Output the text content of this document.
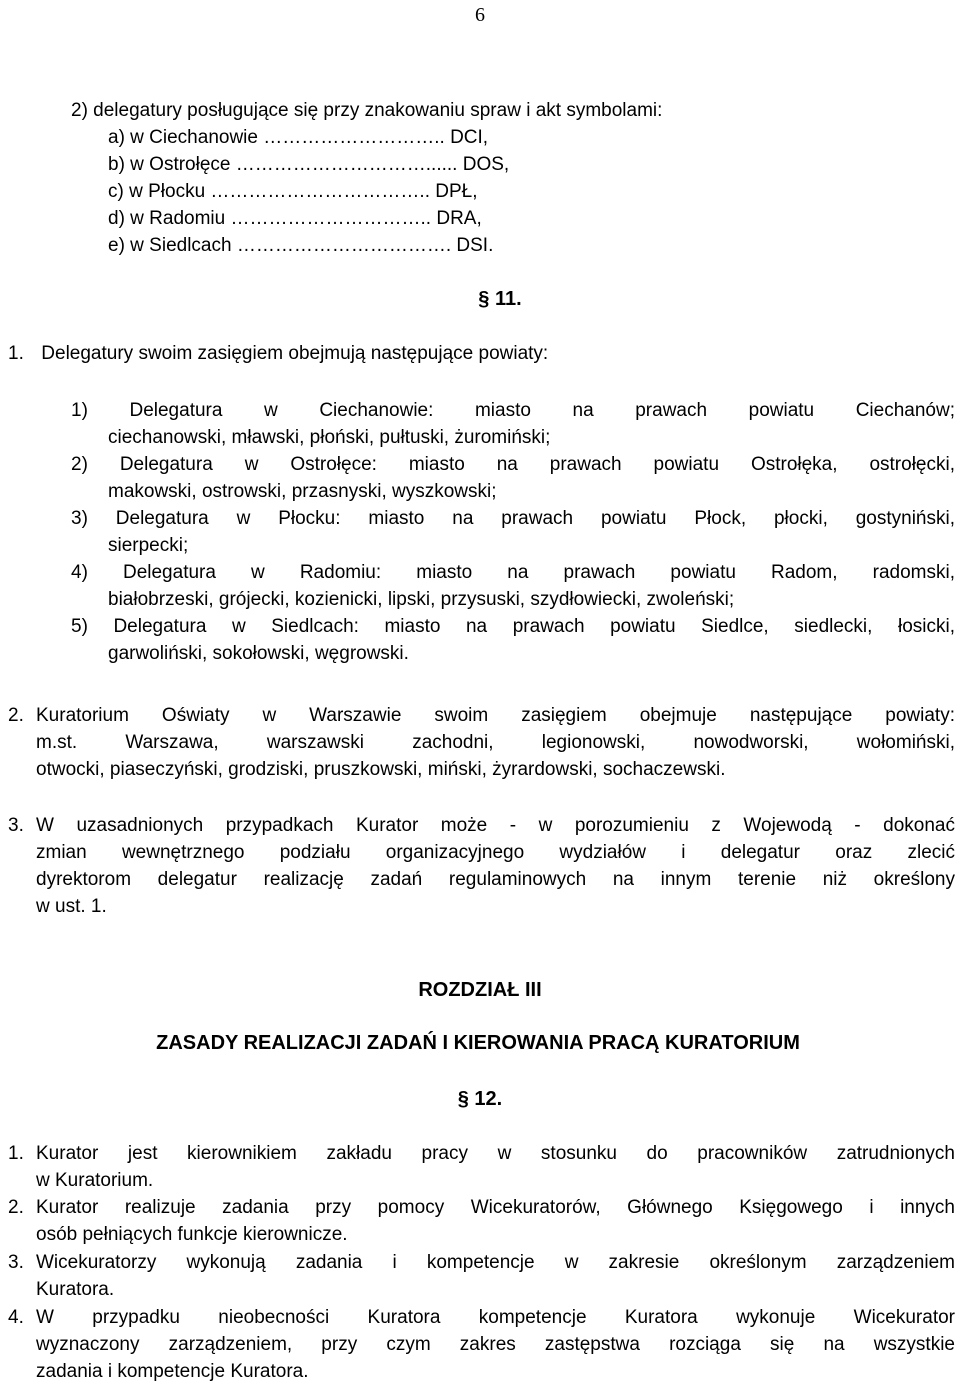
6
2) delegatury posługujące się przy znakowaniu spraw i akt symbolami:
a) w Ciechanowie ……………………….. DCI,
b) w Ostrołęce …………………………...... DOS,
c) w Płocku …………………………….. DPŁ,
d) w Radomiu ………………………….. DRA,
e) w Siedlcach ……………………………. DSI.
§ 11.
1. Delegatury swoim zasięgiem obejmują następujące powiaty:
1) Delegatura w Ciechanowie: miasto na prawach powiatu Ciechanów;
ciechanowski, mławski, płoński, pułtuski, żuromiński;
2) Delegatura w Ostrołęce: miasto na prawach powiatu Ostrołęka, ostrołęcki,
makowski, ostrowski, przasnyski, wyszkowski;
3) Delegatura w Płocku: miasto na prawach powiatu Płock, płocki, gostyniński,
sierpecki;
4) Delegatura w Radomiu: miasto na prawach powiatu Radom, radomski,
białobrzeski, grójecki, kozienicki, lipski, przysuski, szydłowiecki, zwoleński;
5) Delegatura w Siedlcach: miasto na prawach powiatu Siedlce, siedlecki, łosicki,
garwoliński, sokołowski, węgrowski.
2. Kuratorium Oświaty w Warszawie swoim zasięgiem obejmuje następujące powiaty:
m.st. Warszawa, warszawski zachodni, legionowski, nowodworski, wołomiński,
otwocki, piaseczyński, grodziski, pruszkowski, miński, żyrardowski, sochaczewski.
3. W uzasadnionych przypadkach Kurator może - w porozumieniu z Wojewodą - dokonać
zmian wewnętrznego podziału organizacyjnego wydziałów i delegatur oraz zlecić
dyrektorom delegatur realizację zadań regulaminowych na innym terenie niż określony
w ust. 1.
ROZDZIAŁ III
ZASADY REALIZACJI ZADAŃ I KIEROWANIA PRACĄ KURATORIUM
§ 12.
1. Kurator jest kierownikiem zakładu pracy w stosunku do pracowników zatrudnionych
w Kuratorium.
2. Kurator realizuje zadania przy pomocy Wicekuratorów, Głównego Księgowego i innych
osób pełniących funkcje kierownicze.
3. Wicekuratorzy wykonują zadania i kompetencje w zakresie określonym zarządzeniem
Kuratora.
4. W przypadku nieobecności Kuratora kompetencje Kuratora wykonuje Wicekurator
wyznaczony zarządzeniem, przy czym zakres zastępstwa rozciąga się na wszystkie
zadania i kompetencje Kuratora.
